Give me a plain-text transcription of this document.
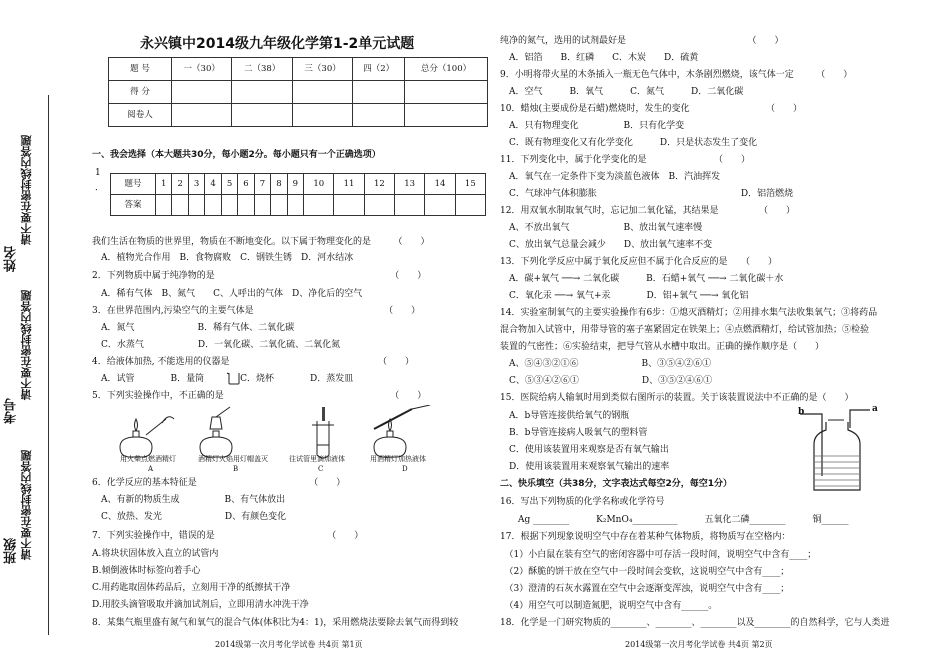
请不要在密封线内答题
请不要在密封线内答题
请不要在密封线内答题
姓名
考号
班级
永兴镇中2014级九年级化学第1-2单元试题
题 号	一（30）	二（38）	三（30）	四（2）	总分（100）
得 分					
阅卷人					
一、我会选择（本大题共30分，每小题2分。每小题只有一个正确选项）
1
． 题号	1	2	3	4	5	6	7	8	9	10	11	12	13	14	15
答案															
我们生活在物质的世界里，物质在不断地变化。以下属于物理变化的是　　　（　　）
　A．植物光合作用　B．食物腐败　C．钢铁生锈　D．河水结冰
2．下列物质中属于纯净物的是　　　　　　　　　　　　　　　　　　　　（　　）
　A．稀有气体　B、氮气　　C、人呼出的气体　D、净化后的空气
3．在世界范围内,污染空气的主要气体是　　　　　　　　　　　　　　　（　　）
　A．氮气　　　　　　　B．稀有气体、二氧化碳
　C．水蒸气　　　　　　D．一氧化碳、二氧化硫、二氧化氮
4．给液体加热, 不能选用的仪器是　　　　　　　　　　　　　　　　　（　　）
　A．试管　　　　B．量筒　　　　C．烧杯　　　　D．蒸发皿
5．下列实验操作中，不正确的是　　　　　　　　　　　　　　　　　　　（　　）
用火柴点燃酒精灯	酒精灯火焰用灯帽盖灭	往试管里滴加液体	用酒精灯加热液体
A	B	C	D
6．化学反应的基本特征是　　　　　　　　　　　　　（　　）
　A、有新的物质生成　　　　　B、有气体放出
　C、放热、发光　　　　　　　D、有颜色变化
7．下列实验操作中，错误的是　　　　　　　　　　　　　（　　）
A.将块状固体放入直立的试管内
B.倾倒液体时标签向着手心
C.用药匙取固体药品后，立刻用干净的纸擦拭干净
D.用胶头滴管吸取并滴加试剂后，立即用清水冲洗干净
8．某集气瓶里盛有氮气和氧气的混合气体(体积比为4：1)，采用燃烧法要除去氧气而得到较
纯净的氮气，选用的试剂最好是　　　　　　　　　　　　　　（　　）
　A．铝箔　　B．红磷　　C．木炭　　D．硫黄
9．小明将带火星的木条插入一瓶无色气体中，木条剧烈燃烧，该气体一定　　　（　　）
　A．空气　　　B．氧气　　　C．氮气　　　D．二氧化碳
10．蜡烛(主要成份是石蜡)燃烧时，发生的变化　　　　　　　　　（　　）
　A．只有物理变化　　　　　B．只有化学变
　C．既有物理变化又有化学变化　　　D．只是状态发生了变化
11．下列变化中，属于化学变化的是　　　　　　　　（　　）
　A．氧气在一定条件下变为淡蓝色液体　B．汽油挥发
　C．气球冲气体积膨胀　　　　　　　　　　　　　　　　D．铝箔燃烧
12．用双氧水制取氧气时，忘记加二氧化锰，其结果是　　　　　（　　）
　A、不放出氧气　　　　　　B、放出氧气速率慢
　C、放出氧气总量会减少　　D、放出氧气速率不变
13．下列化学反应中属于氧化反应但不属于化合反应的是　　（　　）
　A．碳+氧气 ──→ 二氧化碳　　　B．石蜡+氧气 ──→ 二氧化碳＋水
　C．氧化汞 ──→ 氧气+汞　　　　D．铝+氧气 ──→ 氧化铝
14．实验室制氧气的主要实验操作有6步：①熄灭酒精灯；②用排水集气法收集氧气；③将药品
混合物加入试管中，用带导管的塞子塞紧固定在铁架上；④点燃酒精灯，给试管加热；⑤检验
装置的气密性；⑥实验结束，把导气管从水槽中取出。正确的操作顺序是（　　）
　A、⑤④③②①⑥　　　　　　　B、③⑤④②⑥①
　C、⑤③④②⑥①　　　　　　　D、③⑤②④⑥①
15．医院给病人输氧时用到类似右图所示的装置。关于该装置说法中不正确的是（　　）
　A．b导管连接供给氧气的钢瓶
　B．b导管连接病人吸氧气的塑料管
　C．使用该装置用来观察是否有氧气输出
　D．使用该装置用来观察氧气输出的速率
二、快乐填空（共38分，文字表达式每空2分，每空1分）
16．写出下列物质的化学名称或化学符号
　　Ag ________　　　K₂MnO₄__________　　　五氧化二磷________　　　铜______
17．根据下列现象说明空气中存在着某种气体物质，将物质写在空格内：
　（1）小白鼠在装有空气的密闭容器中可存活一段时间，说明空气中含有____；
　（2）酥脆的饼干放在空气中一段时间会变软，这说明空气中含有____；
　（3）澄清的石灰水露置在空气中会逐渐变浑浊，说明空气中含有____；
　（4）用空气可以制造氮肥，说明空气中含有______。
18．化学是一门研究物质的________、________、________以及________的自然科学，它与人类进
b	a
2014级第一次月考化学试卷 共4页 第1页	2014级第一次月考化学试卷 共4页 第2页
